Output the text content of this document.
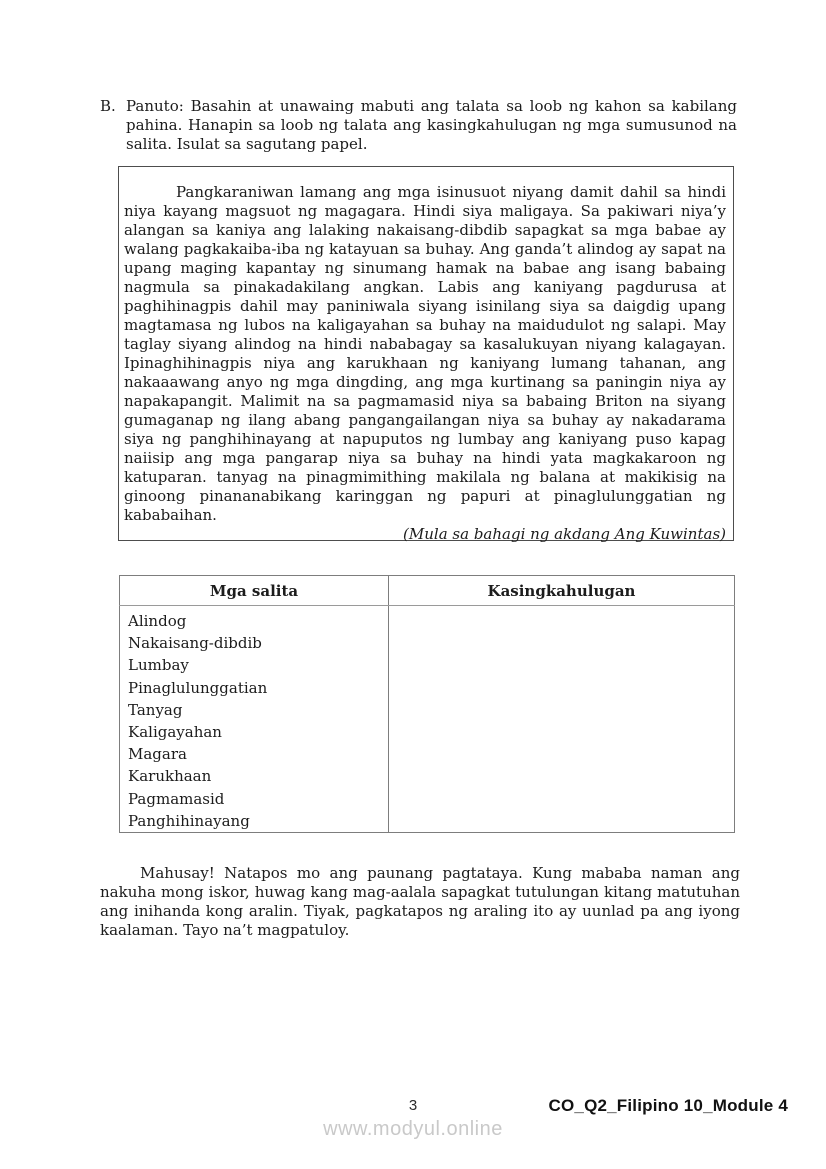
B. Panuto: Basahin at unawaing mabuti ang talata sa loob ng kahon sa kabilang pahina. Hanapin sa loob ng talata ang kasingkahulugan ng mga sumusunod na salita. Isulat sa sagutang papel.
Pangkaraniwan lamang ang mga isinusuot niyang damit dahil sa hindi niya kayang magsuot ng magagara. Hindi siya maligaya. Sa pakiwari niya’y alangan sa kaniya ang lalaking nakaisang-dibdib sapagkat sa mga babae ay walang pagkakaiba-iba ng katayuan sa buhay. Ang ganda’t alindog ay sapat na upang maging kapantay ng sinumang hamak na babae ang isang babaing nagmula sa pinakadakilang angkan. Labis ang kaniyang pagdurusa at paghihinagpis dahil may paniniwala siyang isinilang siya sa daigdig upang magtamasa ng lubos na kaligayahan sa buhay na maidudulot ng salapi. May taglay siyang alindog na hindi nababagay sa kasalukuyan niyang kalagayan. Ipinaghihinagpis niya ang karukhaan ng kaniyang lumang tahanan, ang nakaaawang anyo ng mga dingding, ang mga kurtinang sa paningin niya ay napakapangit. Malimit na sa pagmamasid niya sa babaing Briton na siyang gumaganap ng ilang abang pangangailangan niya sa buhay ay nakadarama siya ng panghihinayang at napuputos ng lumbay ang kaniyang puso kapag naiisip ang mga pangarap niya sa buhay na hindi yata magkakaroon ng katuparan. tanyag na pinagmimithing makilala ng balana at makikisig na ginoong pinananabikang karinggan ng papuri at pinaglulunggatian ng kababaihan.
(Mula sa bahagi ng akdang Ang Kuwintas)
Mga salita	Kasingkahulugan

Alindog
Nakaisang-dibdib
Lumbay
Pinaglulunggatian
Tanyag
Kaligayahan
Magara
Karukhaan
Pagmamasid
Panghihinayang

Mahusay! Natapos mo ang paunang pagtataya. Kung mababa naman ang nakuha mong iskor, huwag kang mag-aalala sapagkat tutulungan kitang matutuhan ang inihanda kong aralin. Tiyak, pagkatapos ng araling ito ay uunlad pa ang iyong kaalaman. Tayo na’t magpatuloy.
3	CO_Q2_Filipino 10_Module 4
www.modyul.online
